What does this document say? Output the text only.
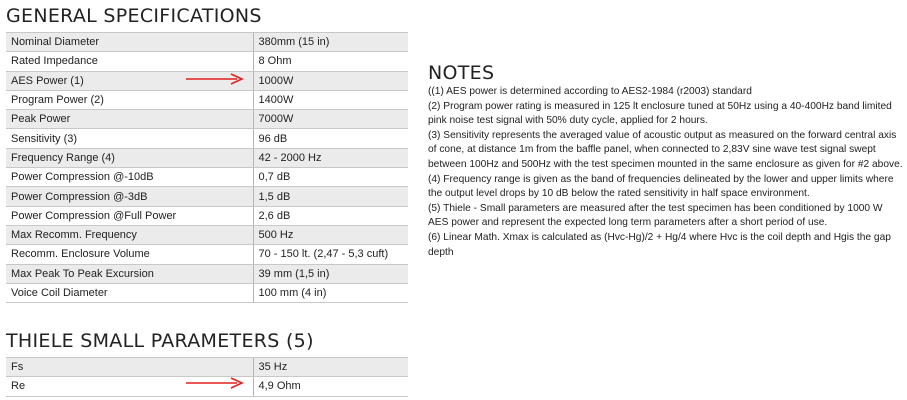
GENERAL SPECIFICATIONS
Nominal Diameter	380mm (15 in)
Rated Impedance	8 Ohm
AES Power (1)	1000W
Program Power (2)	1400W
Peak Power	7000W
Sensitivity (3)	96 dB
Frequency Range (4)	42 - 2000 Hz
Power Compression @-10dB	0,7 dB
Power Compression @-3dB	1,5 dB
Power Compression @Full Power	2,6 dB
Max Recomm. Frequency	500 Hz
Recomm. Enclosure Volume	70 - 150 lt. (2,47 - 5,3 cuft)
Max Peak To Peak Excursion	39 mm (1,5 in)
Voice Coil Diameter	100 mm (4 in)
THIELE SMALL PARAMETERS (5)
Fs	35 Hz
Re	4,9 Ohm
NOTES

((1) AES power is determined according to AES2-1984 (r2003) standard

(2) Program power rating is measured in 125 lt enclosure tuned at 50Hz using a 40-400Hz band limited pink noise test signal with 50% duty cycle, applied for 2 hours.

(3) Sensitivity represents the averaged value of acoustic output as measured on the forward central axis of cone, at distance 1m from the baffle panel, when connected to 2,83V sine wave test signal swept between 100Hz and 500Hz with the test specimen mounted in the same enclosure as given for #2 above.

(4) Frequency range is given as the band of frequencies delineated by the lower and upper limits where the output level drops by 10 dB below the rated sensitivity in half space environment.

(5) Thiele - Small parameters are measured after the test specimen has been conditioned by 1000 W AES power and represent the expected long term parameters after a short period of use.

(6) Linear Math. Xmax is calculated as (Hvc-Hg)/2 + Hg/4 where Hvc is the coil depth and Hgis the gap depth
